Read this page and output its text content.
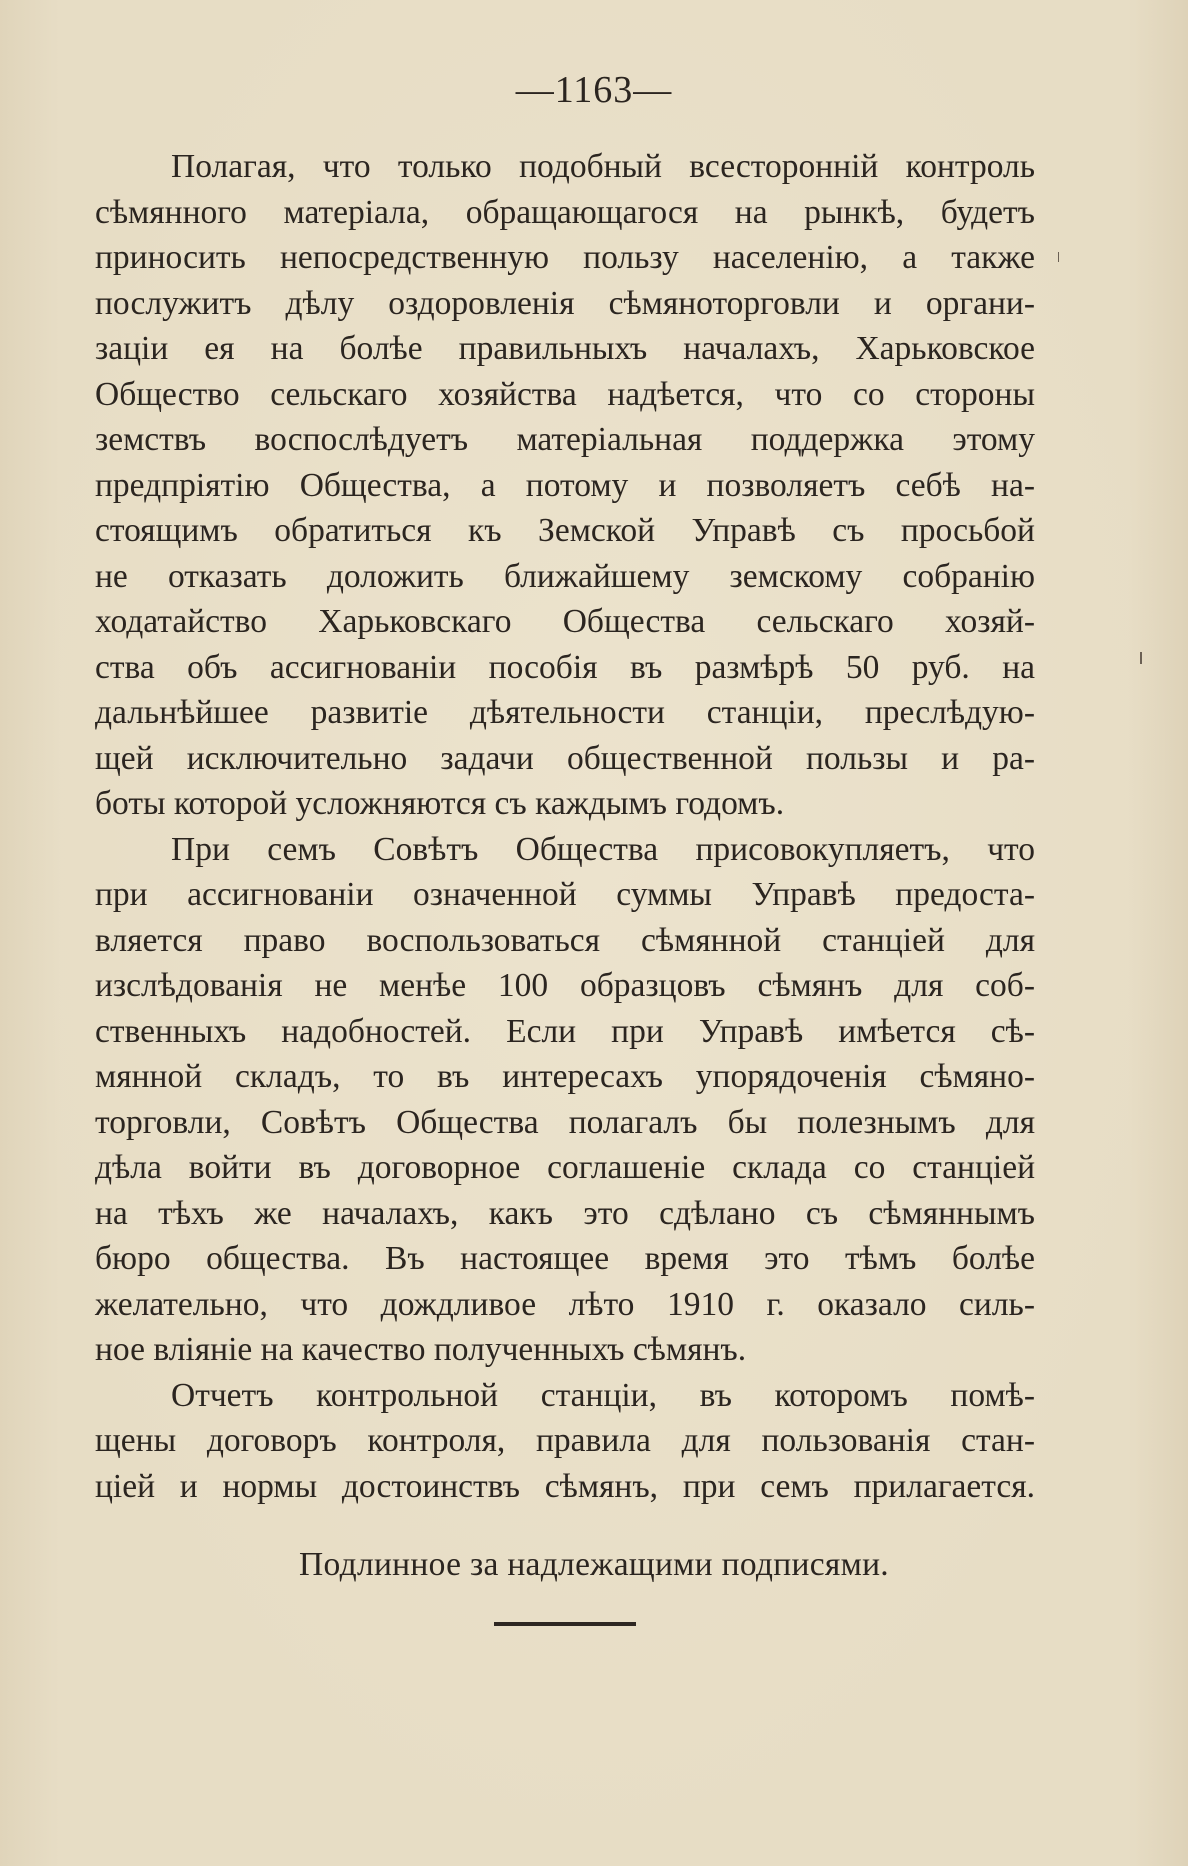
—1163—
Полагая, что только подобный всесторонній контроль
сѣмянного матеріала, обращающагося на рынкѣ, будетъ
приносить непосредственную пользу населенію, а также
послужитъ дѣлу оздоровленія сѣмяноторговли и органи-
заціи ея на болѣе правильныхъ началахъ, Харьковское
Общество сельскаго хозяйства надѣется, что со стороны
земствъ воспослѣдуетъ матеріальная поддержка этому
предпріятію Общества, а потому и позволяетъ себѣ на-
стоящимъ обратиться къ Земской Управѣ съ просьбой
не отказать доложить ближайшему земскому собранію
ходатайство Харьковскаго Общества сельскаго хозяй-
ства объ ассигнованіи пособія въ размѣрѣ 50 руб. на
дальнѣйшее развитіе дѣятельности станціи, преслѣдую-
щей исключительно задачи общественной пользы и ра-
боты которой усложняются съ каждымъ годомъ.
При семъ Совѣтъ Общества присовокупляетъ, что
при ассигнованіи означенной суммы Управѣ предоста-
вляется право воспользоваться сѣмянной станціей для
изслѣдованія не менѣе 100 образцовъ сѣмянъ для соб-
ственныхъ надобностей. Если при Управѣ имѣется сѣ-
мянной складъ, то въ интересахъ упорядоченія сѣмяно-
торговли, Совѣтъ Общества полагалъ бы полезнымъ для
дѣла войти въ договорное соглашеніе склада со станціей
на тѣхъ же началахъ, какъ это сдѣлано съ сѣмяннымъ
бюро общества. Въ настоящее время это тѣмъ болѣе
желательно, что дождливое лѣто 1910 г. оказало силь-
ное вліяніе на качество полученныхъ сѣмянъ.
Отчетъ контрольной станціи, въ которомъ помѣ-
щены договоръ контроля, правила для пользованія стан-
ціей и нормы достоинствъ сѣмянъ, при семъ прилагается.
Подлинное за надлежащими подписями.
